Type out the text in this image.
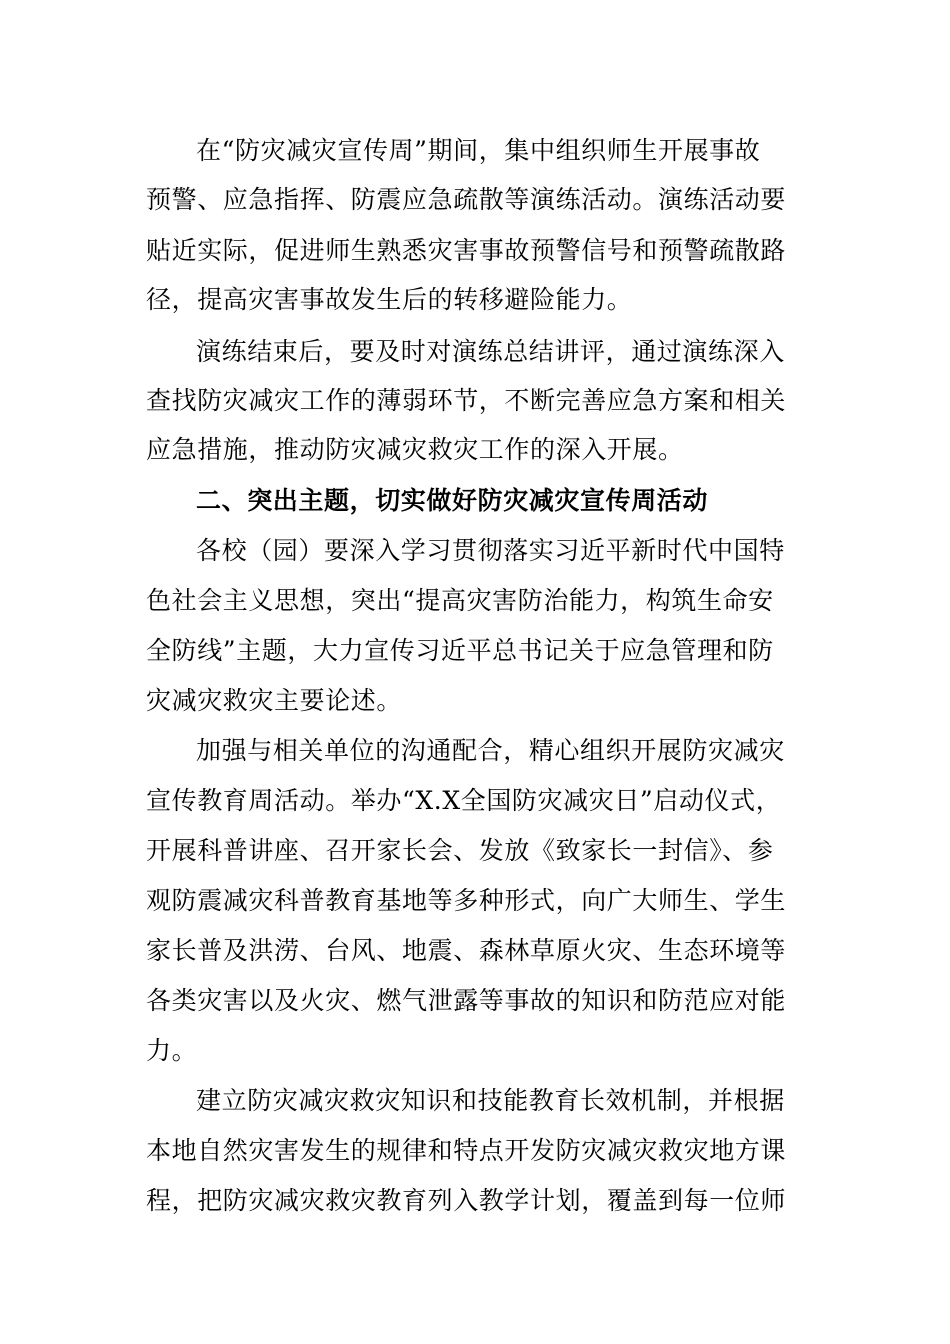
在“防灾减灾宣传周”期间，集中组织师生开展事故
预警、应急指挥、防震应急疏散等演练活动。演练活动要
贴近实际，促进师生熟悉灾害事故预警信号和预警疏散路
径，提高灾害事故发生后的转移避险能力。
演练结束后，要及时对演练总结讲评，通过演练深入
查找防灾减灾工作的薄弱环节，不断完善应急方案和相关
应急措施，推动防灾减灾救灾工作的深入开展。
二、突出主题，切实做好防灾减灾宣传周活动
各校（园）要深入学习贯彻落实习近平新时代中国特
色社会主义思想，突出“提高灾害防治能力，构筑生命安
全防线”主题，大力宣传习近平总书记关于应急管理和防
灾减灾救灾主要论述。
加强与相关单位的沟通配合，精心组织开展防灾减灾
宣传教育周活动。举办“X.X全国防灾减灾日”启动仪式，
开展科普讲座、召开家长会、发放《致家长一封信》、参
观防震减灾科普教育基地等多种形式，向广大师生、学生
家长普及洪涝、台风、地震、森林草原火灾、生态环境等
各类灾害以及火灾、燃气泄露等事故的知识和防范应对能
力。
建立防灾减灾救灾知识和技能教育长效机制，并根据
本地自然灾害发生的规律和特点开发防灾减灾救灾地方课
程，把防灾减灾救灾教育列入教学计划，覆盖到每一位师
